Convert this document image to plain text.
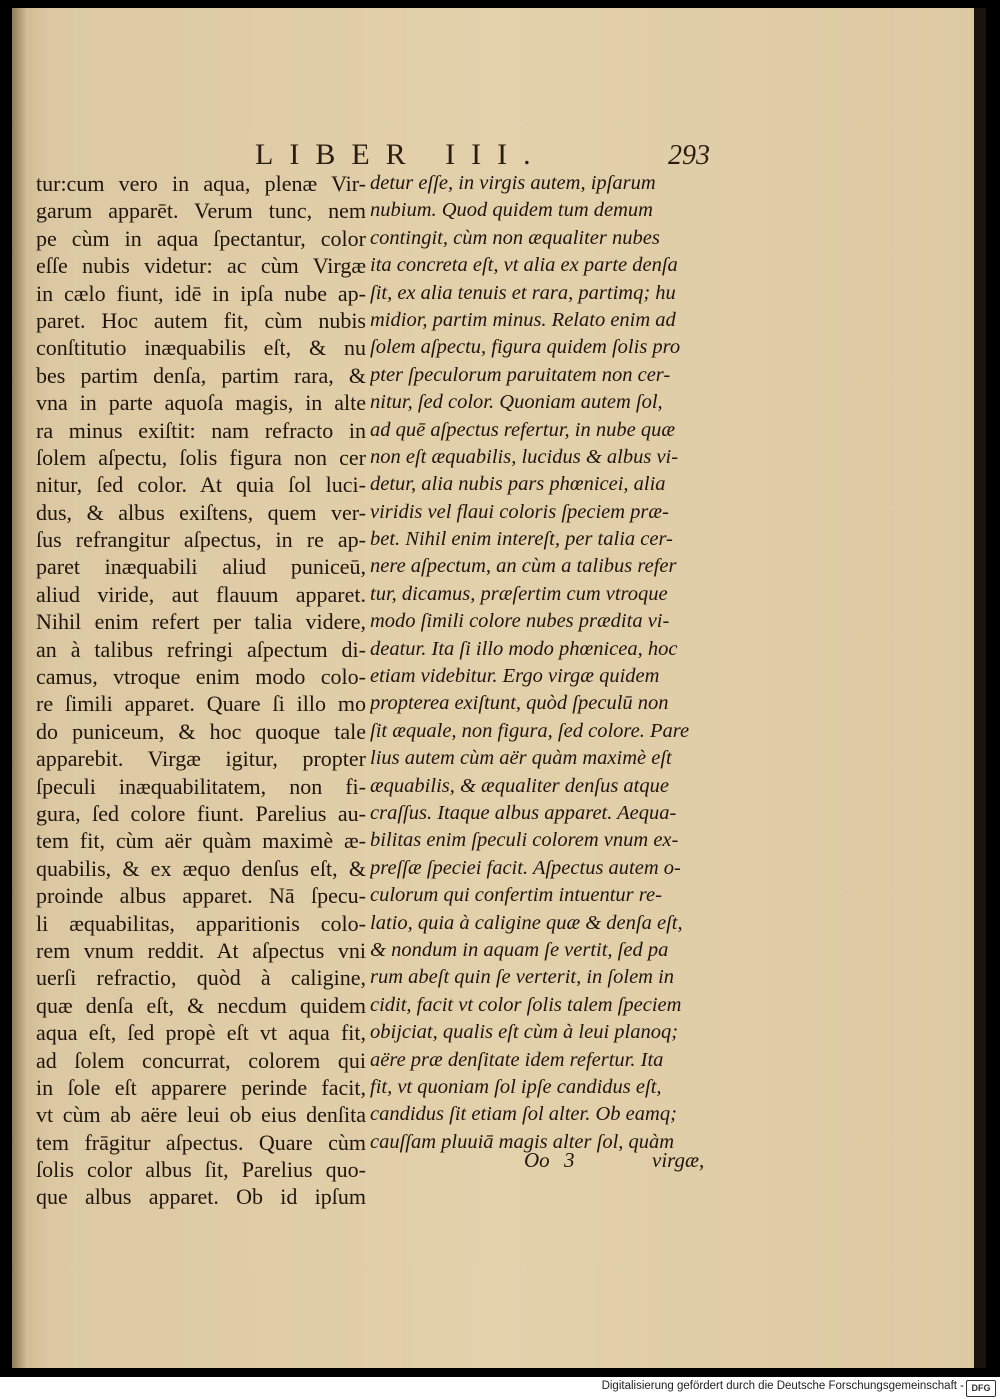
LIBER III.	293
tur:cum vero in aqua, plenæ Vir-
garum apparēt. Verum tunc, nem
pe cùm in aqua ſpectantur, color
eſſe nubis videtur: ac cùm Virgæ
in cælo fiunt, idē in ipſa nube ap-
paret. Hoc autem fit, cùm nubis
conſtitutio inæquabilis eſt, & nu
bes partim denſa, partim rara, &
vna in parte aquoſa magis, in alte
ra minus exiſtit: nam refracto in
ſolem aſpectu, ſolis figura non cer
nitur, ſed color. At quia ſol luci-
dus, & albus exiſtens, quem ver-
ſus refrangitur aſpectus, in re ap-
paret inæquabili aliud puniceū,
aliud viride, aut flauum apparet.
Nihil enim refert per talia videre,
an à talibus refringi aſpectum di-
camus, vtroque enim modo colo-
re ſimili apparet. Quare ſi illo mo
do puniceum, & hoc quoque tale
apparebit. Virgæ igitur, propter
ſpeculi inæquabilitatem, non fi-
gura, ſed colore fiunt. Parelius au-
tem fit, cùm aër quàm maximè æ-
quabilis, & ex æquo denſus eſt, &
proinde albus apparet. Nā ſpecu-
li æquabilitas, apparitionis colo-
rem vnum reddit. At aſpectus vni
uerſi refractio, quòd à caligine,
quæ denſa eſt, & necdum quidem
aqua eſt, ſed propè eſt vt aqua fit,
ad ſolem concurrat, colorem qui
in ſole eſt apparere perinde facit,
vt cùm ab aëre leui ob eius denſita
tem frāgitur aſpectus. Quare cùm
ſolis color albus ſit, Parelius quo-
que albus apparet. Ob id ipſum
detur eſſe, in virgis autem, ipſarum
nubium. Quod quidem tum demum
contingit, cùm non æqualiter nubes
ita concreta eſt, vt alia ex parte denſa
ſit, ex alia tenuis et rara, partimq; hu
midior, partim minus. Relato enim ad
ſolem aſpectu, figura quidem ſolis pro
pter ſpeculorum paruitatem non cer-
nitur, ſed color. Quoniam autem ſol,
ad quē aſpectus refertur, in nube quæ
non eſt æquabilis, lucidus & albus vi-
detur, alia nubis pars phœnicei, alia
viridis vel flaui coloris ſpeciem præ-
bet. Nihil enim intereſt, per talia cer-
nere aſpectum, an cùm a talibus refer
tur, dicamus, præſertim cum vtroque
modo ſimili colore nubes prædita vi-
deatur. Ita ſi illo modo phœnicea, hoc
etiam videbitur. Ergo virgæ quidem
propterea exiſtunt, quòd ſpeculū non
ſit æquale, non figura, ſed colore. Pare
lius autem cùm aër quàm maximè eſt
æquabilis, & æqualiter denſus atque
craſſus. Itaque albus apparet. Aequa-
bilitas enim ſpeculi colorem vnum ex-
preſſæ ſpeciei facit. Aſpectus autem o-
culorum qui confertim intuentur re-
latio, quia à caligine quæ & denſa eſt,
& nondum in aquam ſe vertit, ſed pa
rum abeſt quin ſe verterit, in ſolem in
cidit, facit vt color ſolis talem ſpeciem
obijciat, qualis eſt cùm à leui planoq;
aëre præ denſitate idem refertur. Ita
fit, vt quoniam ſol ipſe candidus eſt,
candidus ſit etiam ſol alter. Ob eamq;
cauſſam pluuiā magis alter ſol, quàm
Oo 3	virgæ,
Digitalisierung gefördert durch die Deutsche Forschungsgemeinschaft - DFG
